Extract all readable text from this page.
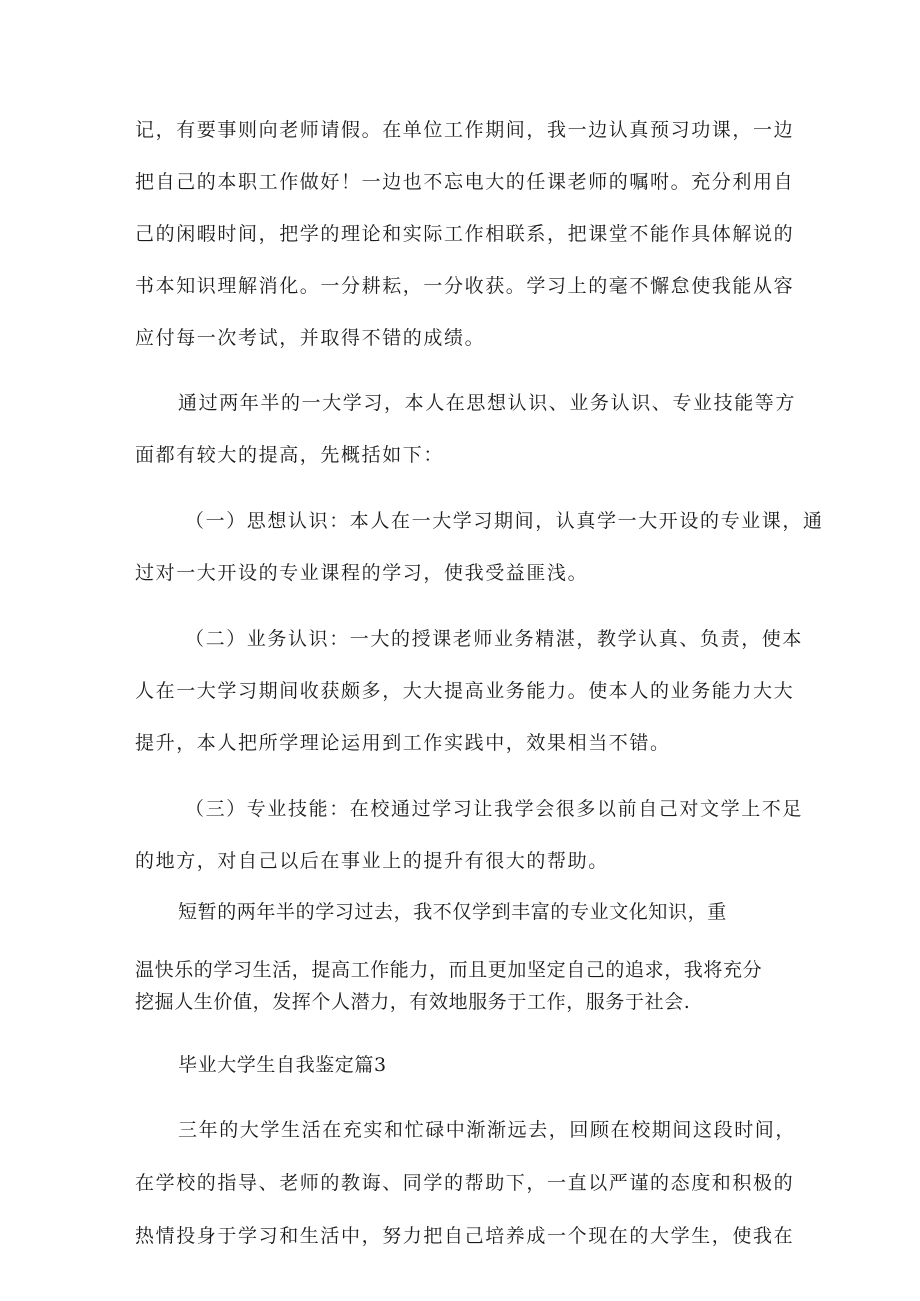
记，有要事则向老师请假。在单位工作期间，我一边认真预习功课，一边
把自己的本职工作做好！一边也不忘电大的任课老师的嘱咐。充分利用自
己的闲暇时间，把学的理论和实际工作相联系，把课堂不能作具体解说的
书本知识理解消化。一分耕耘，一分收获。学习上的毫不懈怠使我能从容
应付每一次考试，并取得不错的成绩。
通过两年半的一大学习，本人在思想认识、业务认识、专业技能等方
面都有较大的提高，先概括如下：
（一）思想认识：本人在一大学习期间，认真学一大开设的专业课，通
过对一大开设的专业课程的学习，使我受益匪浅。
（二）业务认识：一大的授课老师业务精湛，教学认真、负责，使本
人在一大学习期间收获颇多，大大提高业务能力。使本人的业务能力大大
提升，本人把所学理论运用到工作实践中，效果相当不错。
（三）专业技能：在校通过学习让我学会很多以前自己对文学上不足
的地方，对自己以后在事业上的提升有很大的帮助。
短暂的两年半的学习过去，我不仅学到丰富的专业文化知识，重
温快乐的学习生活，提高工作能力，而且更加坚定自己的追求，我将充分
挖掘人生价值，发挥个人潜力，有效地服务于工作，服务于社会.
毕业大学生自我鉴定篇3
三年的大学生活在充实和忙碌中渐渐远去，回顾在校期间这段时间，
在学校的指导、老师的教诲、同学的帮助下，一直以严谨的态度和积极的
热情投身于学习和生活中，努力把自己培养成一个现在的大学生，使我在
